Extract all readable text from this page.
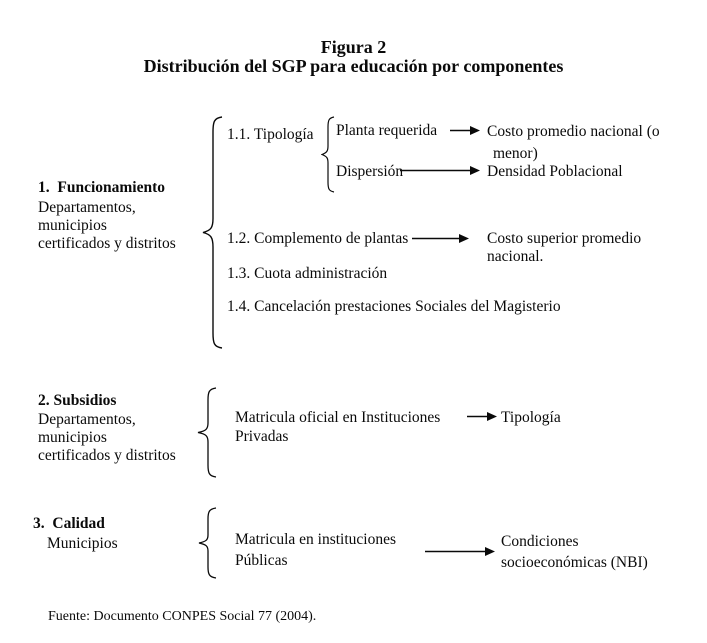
Figura 2
Distribución del SGP para educación por componentes
1.  Funcionamiento
Departamentos,
municipios
certificados y distritos
1.1. Tipología Planta requerida	Costo promedio nacional (o
menor)
Dispersión	Densidad Poblacional
1.2. Complemento de plantas	Costo superior promedio
nacional.
1.3. Cuota administración
1.4. Cancelación prestaciones Sociales del Magisterio
2. Subsidios
Departamentos,
municipios
certificados y distritos
Matricula oficial en Instituciones
Privadas
Tipología
3.  Calidad
Municipios	Matricula en instituciones
Públicas
Condiciones
socioeconómicas (NBI)
Fuente: Documento CONPES Social 77 (2004).
